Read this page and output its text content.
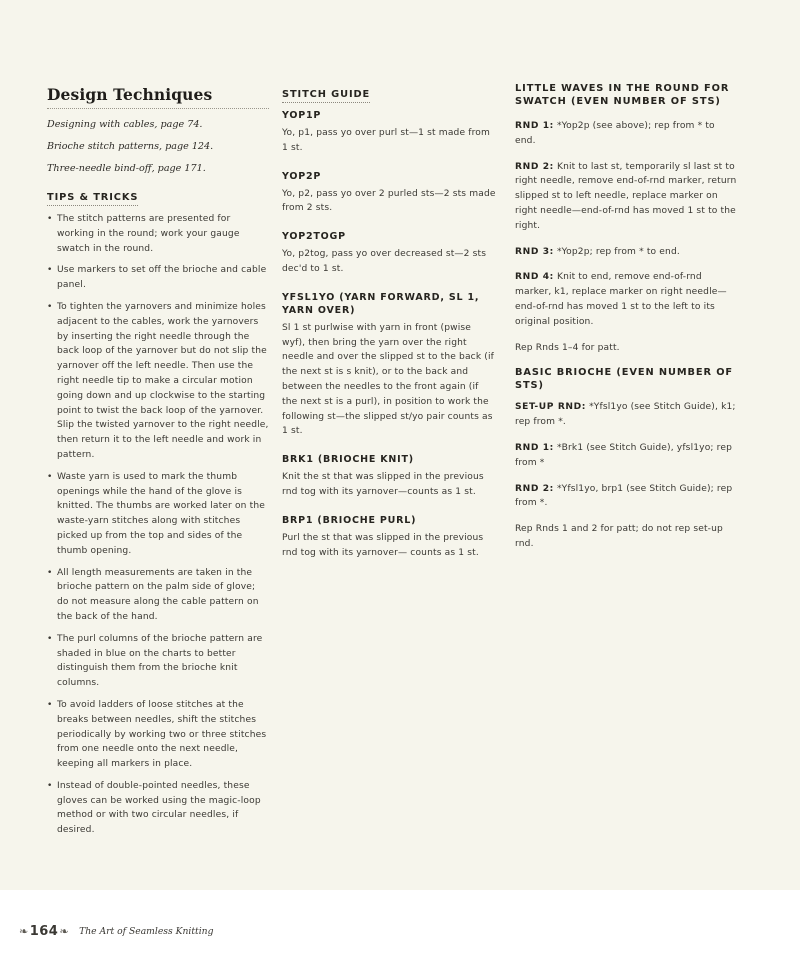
Design Techniques

Designing with cables, page 74.

Brioche stitch patterns, page 124.

Three-needle bind-off, page 171.

TIPS & TRICKS
• The stitch patterns are presented for working in the round; work your gauge swatch in the round.
• Use markers to set off the brioche and cable panel.
• To tighten the yarnovers and minimize holes adjacent to the cables, work the yarnovers by inserting the right needle through the back loop of the yarnover but do not slip the yarnover off the left needle. Then use the right needle tip to make a circular motion going down and up clockwise to the starting point to twist the back loop of the yarnover. Slip the twisted yarnover to the right needle, then return it to the left needle and work in pattern.
• Waste yarn is used to mark the thumb openings while the hand of the glove is knitted. The thumbs are worked later on the waste-yarn stitches along with stitches picked up from the top and sides of the thumb opening.
• All length measurements are taken in the brioche pattern on the palm side of glove; do not measure along the cable pattern on the back of the hand.
• The purl columns of the brioche pattern are shaded in blue on the charts to better distinguish them from the brioche knit columns.
• To avoid ladders of loose stitches at the breaks between needles, shift the stitches periodically by working two or three stitches from one needle onto the next needle, keeping all markers in place.
• Instead of double-pointed needles, these gloves can be worked using the magic-loop method or with two circular needles, if desired.
STITCH GUIDE

YOP1P

Yo, p1, pass yo over purl st—1 st made from 1 st.

YOP2P

Yo, p2, pass yo over 2 purled sts—2 sts made from 2 sts.

YOP2TOGP

Yo, p2tog, pass yo over decreased st—2 sts dec'd to 1 st.

YFSL1YO (YARN FORWARD, SL 1, YARN OVER)

Sl 1 st purlwise with yarn in front (pwise wyf), then bring the yarn over the right needle and over the slipped st to the back (if the next st is s knit), or to the back and between the needles to the front again (if the next st is a purl), in position to work the following st—the slipped st/yo pair counts as 1 st.

BRK1 (BRIOCHE KNIT)

Knit the st that was slipped in the previous rnd tog with its yarnover—counts as 1 st.

BRP1 (BRIOCHE PURL)

Purl the st that was slipped in the previous rnd tog with its yarnover— counts as 1 st.

LITTLE WAVES IN THE ROUND FOR SWATCH (EVEN NUMBER OF STS)

RND 1: *Yop2p (see above); rep from * to end.

RND 2: Knit to last st, temporarily sl last st to right needle, remove end-of-rnd marker, return slipped st to left needle, replace marker on right needle—end-of-rnd has moved 1 st to the right.

RND 3: *Yop2p; rep from * to end.

RND 4: Knit to end, remove end-of-rnd marker, k1, replace marker on right needle—end-of-rnd has moved 1 st to the left to its original position.

Rep Rnds 1–4 for patt.

BASIC BRIOCHE (EVEN NUMBER OF STS)

SET-UP RND: *Yfsl1yo (see Stitch Guide), k1; rep from *.

RND 1: *Brk1 (see Stitch Guide), yfsl1yo; rep from *

RND 2: *Yfsl1yo, brp1 (see Stitch Guide); rep from *.

Rep Rnds 1 and 2 for patt; do not rep set-up rnd.

❧ 164 ❧ The Art of Seamless Knitting
